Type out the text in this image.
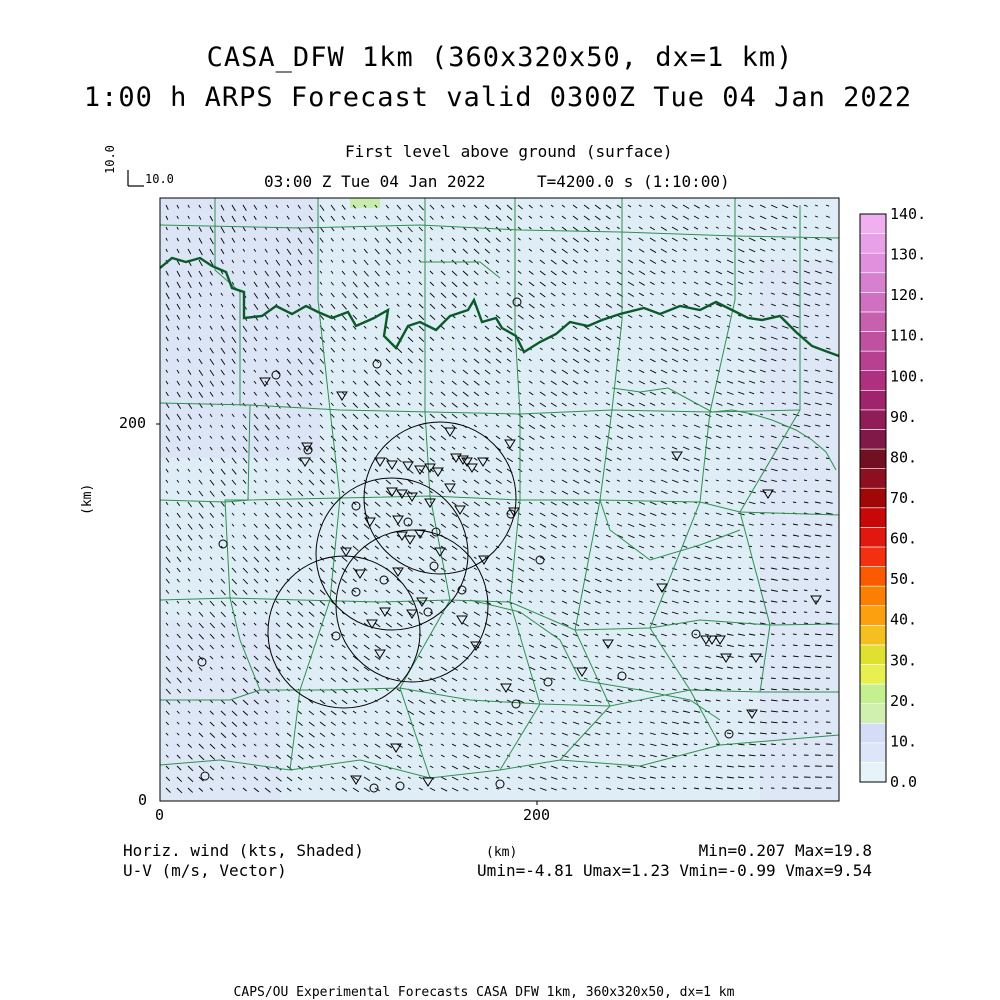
0.0
10.
20.
30.
40.
50.
60.
70.
80.
90.
100.
110.
120.
130.
140.
CASA_DFW 1km (360x320x50, dx=1 km)
1:00 h ARPS Forecast valid 0300Z Tue 04 Jan 2022
First level above ground (surface)
03:00 Z Tue 04 Jan 2022	T=4200.0 s (1:10:00)
10.0
10.0
(km)
0
200
0	200
Horiz. wind (kts, Shaded)
U-V (m/s, Vector)
(km)	Min=0.207 Max=19.8
Umin=-4.81 Umax=1.23 Vmin=-0.99 Vmax=9.54
CAPS/OU Experimental Forecasts CASA DFW 1km, 360x320x50, dx=1 km
